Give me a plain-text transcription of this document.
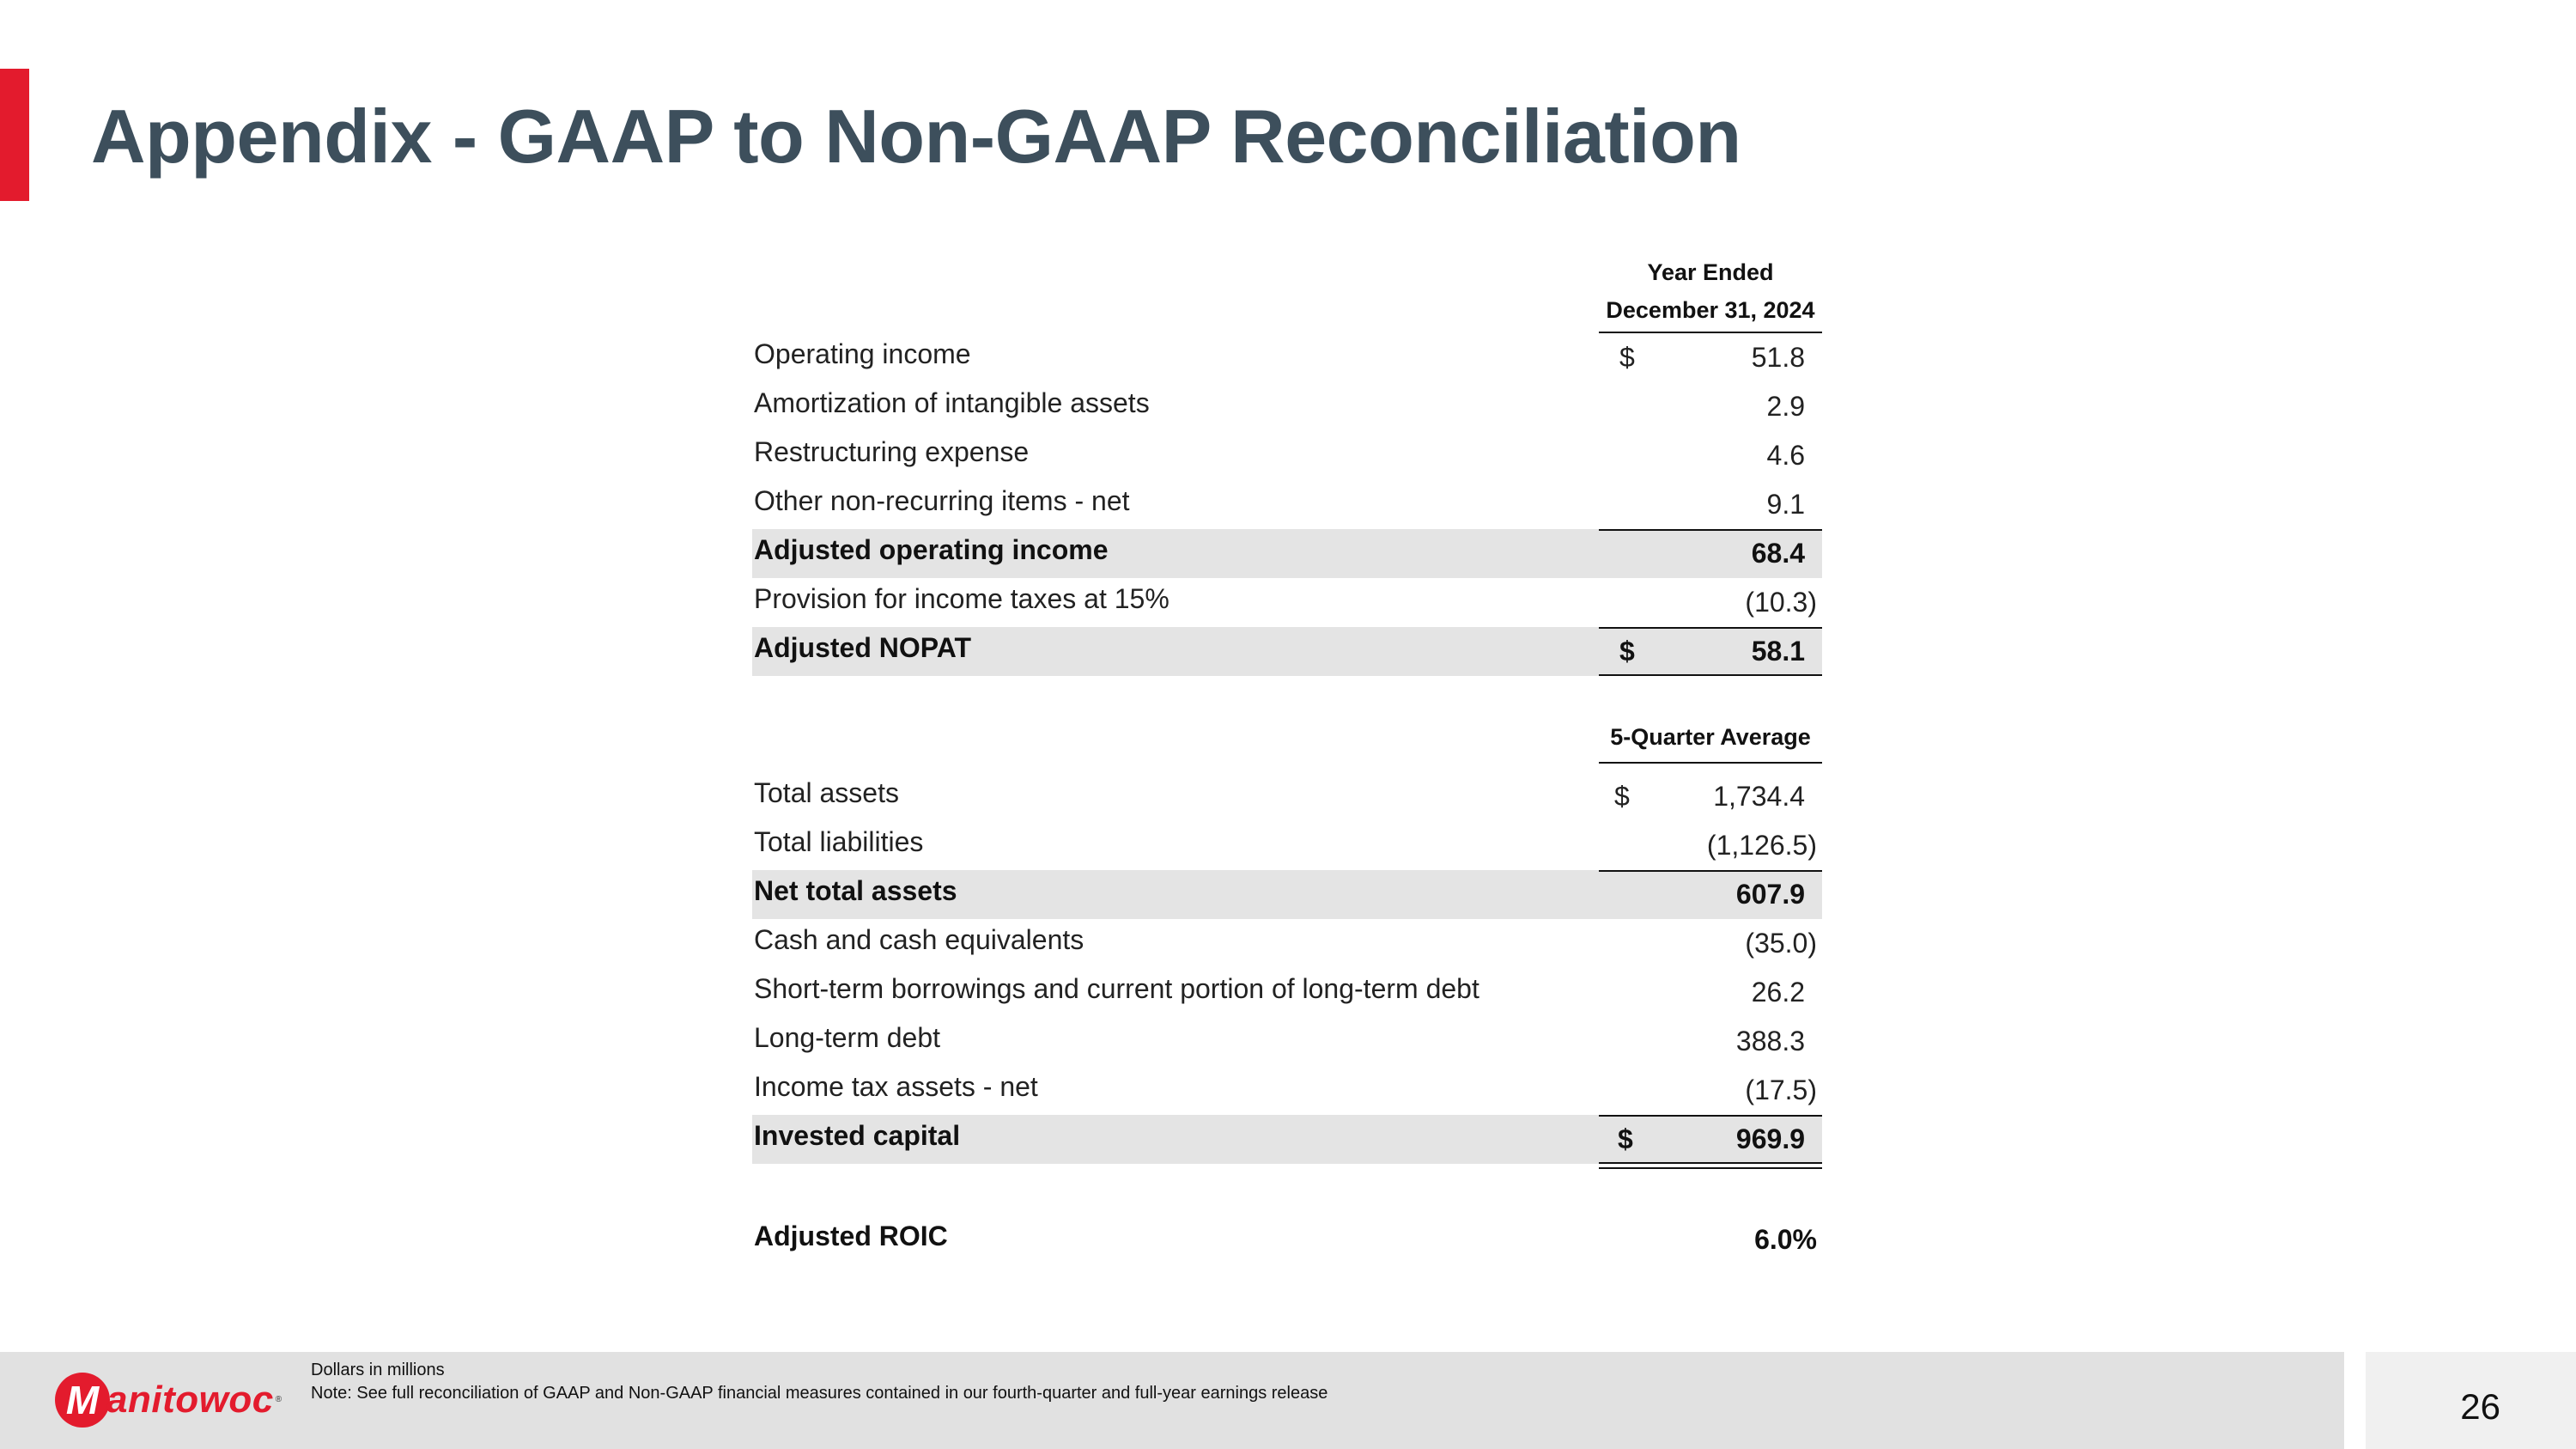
Appendix - GAAP to Non-GAAP Reconciliation
Year Ended
December 31, 2024
Operating income	$	51.8
Amortization of intangible assets	2.9
Restructuring expense	4.6
Other non-recurring items - net	9.1
Adjusted operating income	68.4
Provision for income taxes at 15%	(10.3)
Adjusted NOPAT	$	58.1
5-Quarter Average
Total assets	$	1,734.4
Total liabilities	(1,126.5)
Net total assets	607.9
Cash and cash equivalents	(35.0)
Short-term borrowings and current portion of long-term debt	26.2
Long-term debt	388.3
Income tax assets - net	(17.5)
Invested capital	$	969.9
Adjusted ROIC	6.0%
M anitowoc ®
Dollars in millions
Note: See full reconciliation of GAAP and Non-GAAP financial measures contained in our fourth-quarter and full-year earnings release	26
